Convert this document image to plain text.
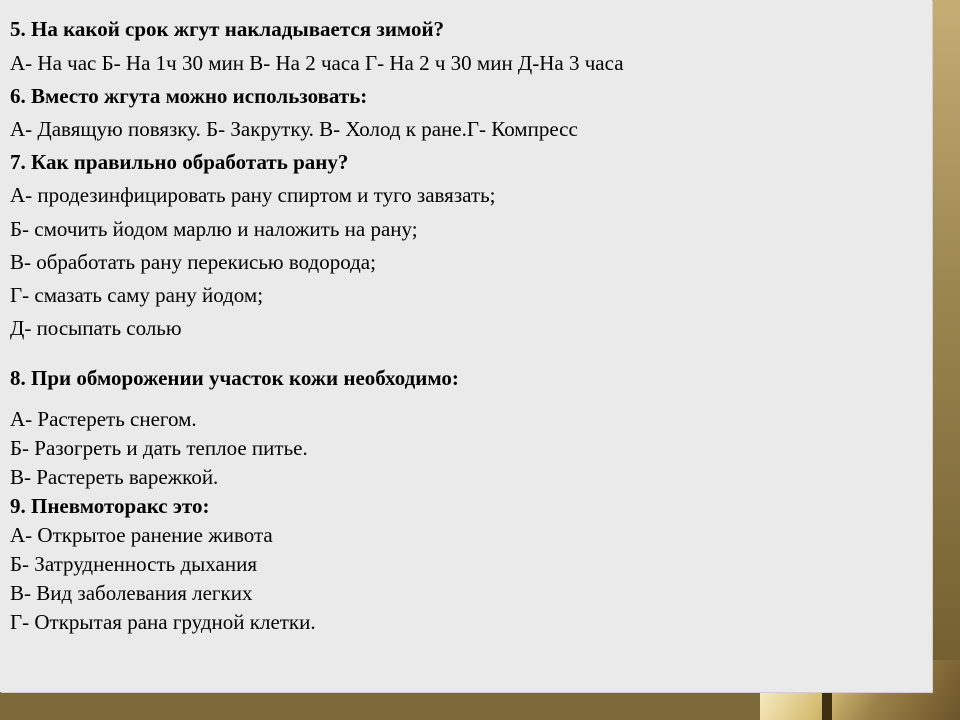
5. На какой срок жгут накладывается зимой?
А- На час Б- На 1ч 30 мин В- На 2 часа Г- На 2 ч 30 мин Д-На 3 часа
6. Вместо жгута можно использовать:
А- Давящую повязку. Б- Закрутку. В- Холод к ране.Г- Компресс
7. Как правильно обработать рану?
А- продезинфицировать рану спиртом и туго завязать;
Б- смочить йодом марлю и наложить на рану;
В- обработать рану перекисью водорода;
Г- смазать саму рану йодом;
Д- посыпать солью
8. При обморожении участок кожи необходимо:
А- Растереть снегом.
Б- Разогреть и дать теплое питье.
В- Растереть варежкой.
9. Пневмоторакс это:
А- Открытое ранение живота
Б- Затрудненность дыхания
В- Вид заболевания легких
Г- Открытая рана грудной клетки.
